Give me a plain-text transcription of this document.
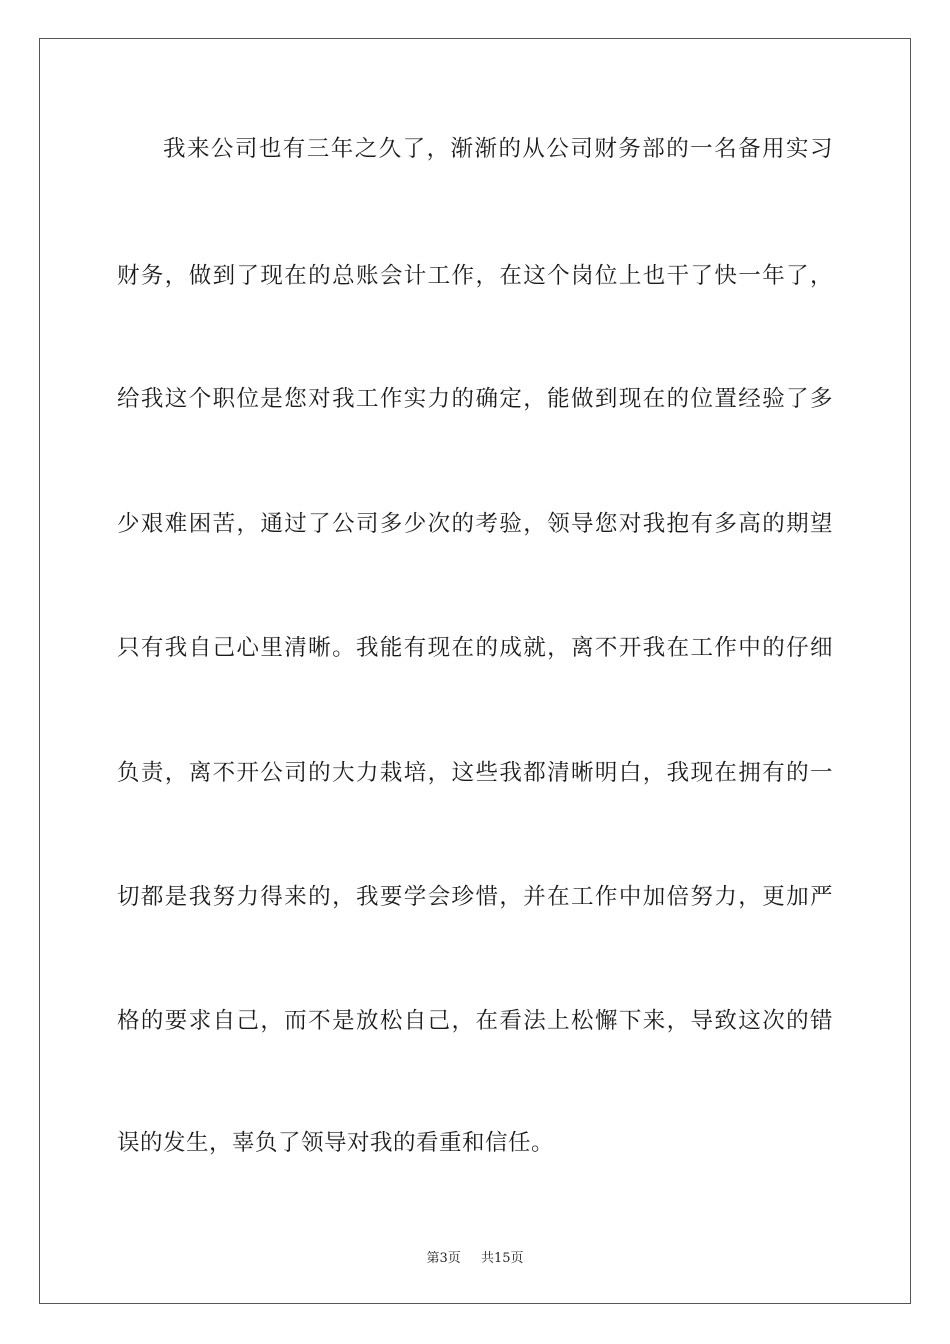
我来公司也有三年之久了，渐渐的从公司财务部的一名备用实习
财务，做到了现在的总账会计工作，在这个岗位上也干了快一年了，
给我这个职位是您对我工作实力的确定，能做到现在的位置经验了多
少艰难困苦，通过了公司多少次的考验，领导您对我抱有多高的期望
只有我自己心里清晰。我能有现在的成就，离不开我在工作中的仔细
负责，离不开公司的大力栽培，这些我都清晰明白，我现在拥有的一
切都是我努力得来的，我要学会珍惜，并在工作中加倍努力，更加严
格的要求自己，而不是放松自己，在看法上松懈下来，导致这次的错
误的发生，辜负了领导对我的看重和信任。
第3页 共15页
